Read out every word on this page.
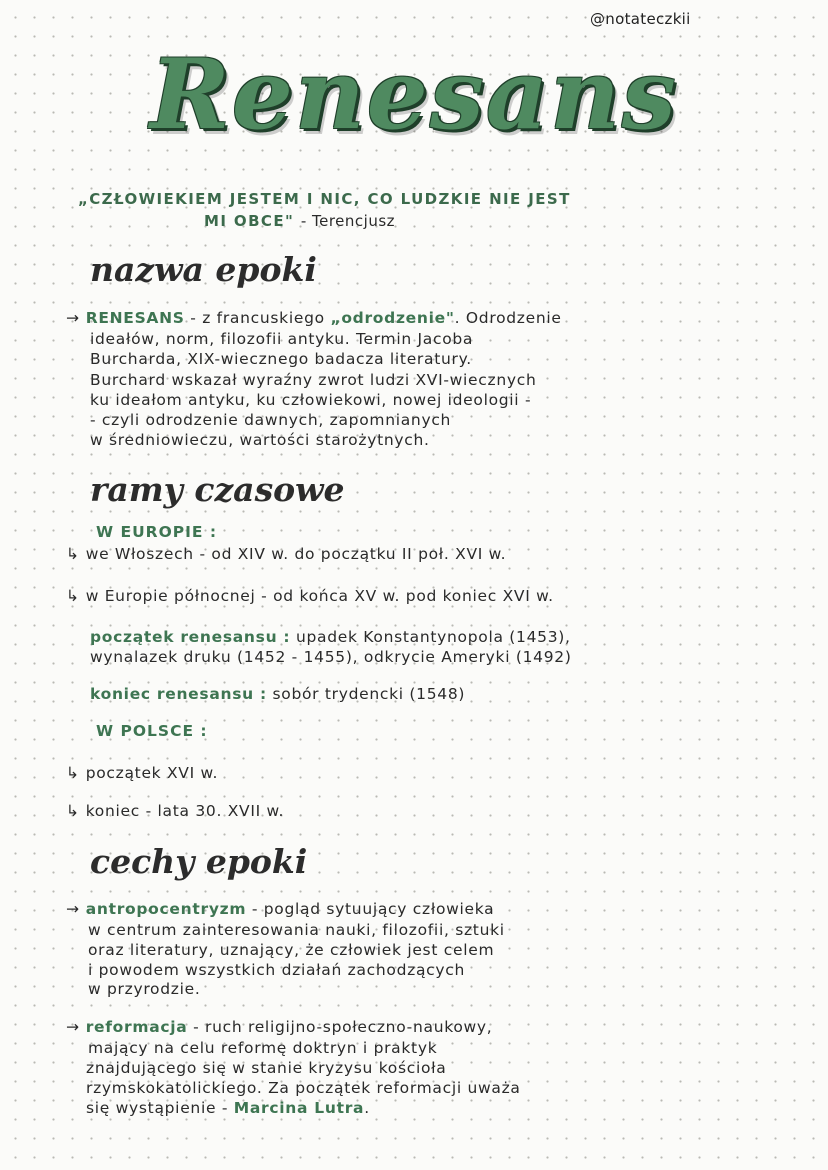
@notateczkii
Renesans
„CZŁOWIEKIEM JESTEM I NIC, CO LUDZKIE NIE JEST
MI OBCE" - Terencjusz
nazwa epoki
→ RENESANS - z francuskiego „odrodzenie". Odrodzenie
ideałów, norm, filozofii antyku. Termin Jacoba
Burcharda, XIX-wiecznego badacza literatury.
Burchard wskazał wyraźny zwrot ludzi XVI-wiecznych
ku ideałom antyku, ku człowiekowi, nowej ideologii -
- czyli odrodzenie dawnych, zapomnianych
w średniowieczu, wartości starożytnych.
ramy czasowe
W EUROPIE :
↳ we Włoszech - od XIV w. do początku II poł. XVI w.
↳ w Europie północnej - od końca XV w. pod koniec XVI w.
początek renesansu : upadek Konstantynopola (1453),
wynalazek druku (1452 - 1455), odkrycie Ameryki (1492)
koniec renesansu : sobór trydencki (1548)
W POLSCE :
↳ początek XVI w.
↳ koniec - lata 30. XVII w.
cechy epoki
→ antropocentryzm - pogląd sytuujący człowieka
w centrum zainteresowania nauki, filozofii, sztuki
oraz literatury, uznający, że człowiek jest celem
i powodem wszystkich działań zachodzących
w przyrodzie.
→ reformacja - ruch religijno-społeczno-naukowy,
mający na celu reformę doktryn i praktyk
znajdującego się w stanie kryzysu kościoła
rzymskokatolickiego. Za początek reformacji uważa
się wystąpienie - Marcina Lutra.
